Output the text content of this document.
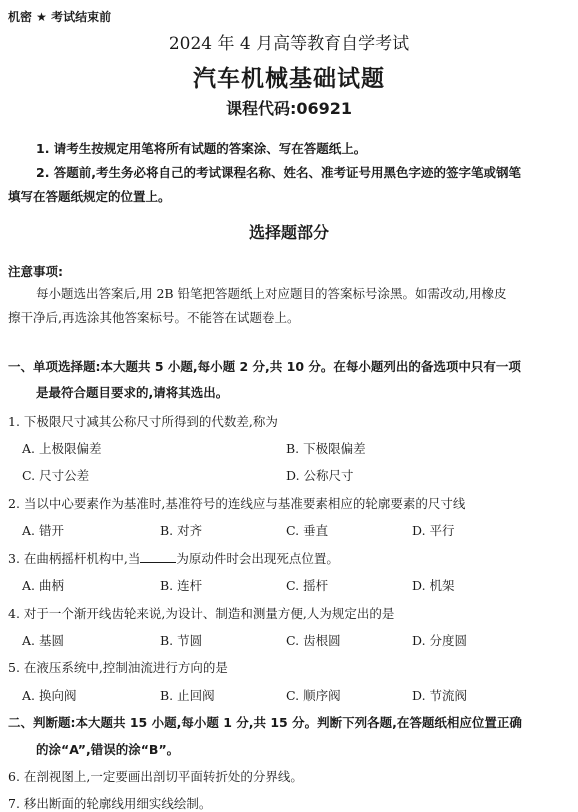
机密 ★ 考试结束前
2024 年 4 月高等教育自学考试
汽车机械基础试题
课程代码:06921
1. 请考生按规定用笔将所有试题的答案涂、写在答题纸上。
2. 答题前,考生务必将自己的考试课程名称、姓名、准考证号用黑色字迹的签字笔或钢笔
填写在答题纸规定的位置上。
选择题部分
注意事项:
每小题选出答案后,用 2B 铅笔把答题纸上对应题目的答案标号涂黑。如需改动,用橡皮
擦干净后,再选涂其他答案标号。不能答在试题卷上。
一、单项选择题:本大题共 5 小题,每小题 2 分,共 10 分。在每小题列出的备选项中只有一项
是最符合题目要求的,请将其选出。
1. 下极限尺寸减其公称尺寸所得到的代数差,称为
A. 上极限偏差	B. 下极限偏差
C. 尺寸公差	D. 公称尺寸
2. 当以中心要素作为基准时,基准符号的连线应与基准要素相应的轮廓要素的尺寸线
A. 错开	B. 对齐	C. 垂直	D. 平行
3. 在曲柄摇杆机构中,当	为原动件时会出现死点位置。
A. 曲柄	B. 连杆	C. 摇杆	D. 机架
4. 对于一个渐开线齿轮来说,为设计、制造和测量方便,人为规定出的是
A. 基圆	B. 节圆	C. 齿根圆	D. 分度圆
5. 在液压系统中,控制油流进行方向的是
A. 换向阀	B. 止回阀	C. 顺序阀	D. 节流阀
二、判断题:本大题共 15 小题,每小题 1 分,共 15 分。判断下列各题,在答题纸相应位置正确
的涂“A”,错误的涂“B”。
6. 在剖视图上,一定要画出剖切平面转折处的分界线。
7. 移出断面的轮廓线用细实线绘制。
